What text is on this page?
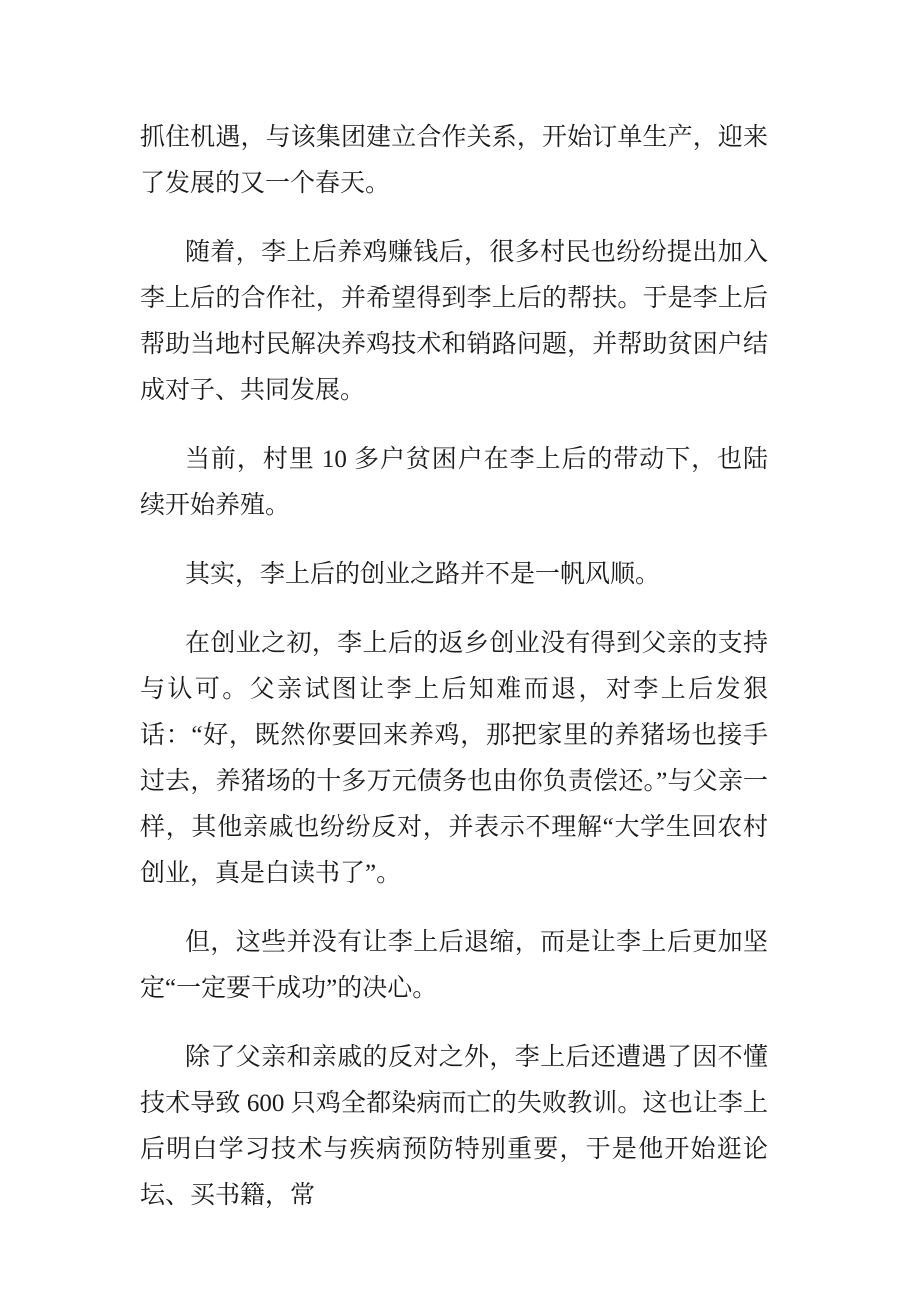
抓住机遇，与该集团建立合作关系，开始订单生产，迎来了发展的又一个春天。

随着，李上后养鸡赚钱后，很多村民也纷纷提出加入李上后的合作社，并希望得到李上后的帮扶。于是李上后帮助当地村民解决养鸡技术和销路问题，并帮助贫困户结成对子、共同发展。

当前，村里 10 多户贫困户在李上后的带动下，也陆续开始养殖。

其实，李上后的创业之路并不是一帆风顺。

在创业之初，李上后的返乡创业没有得到父亲的支持与认可。父亲试图让李上后知难而退，对李上后发狠话：“好，既然你要回来养鸡，那把家里的养猪场也接手过去，养猪场的十多万元债务也由你负责偿还。”与父亲一样，其他亲戚也纷纷反对，并表示不理解“大学生回农村创业，真是白读书了”。

但，这些并没有让李上后退缩，而是让李上后更加坚定“一定要干成功”的决心。

除了父亲和亲戚的反对之外，李上后还遭遇了因不懂技术导致 600 只鸡全都染病而亡的失败教训。这也让李上后明白学习技术与疾病预防特别重要，于是他开始逛论坛、买书籍，常
